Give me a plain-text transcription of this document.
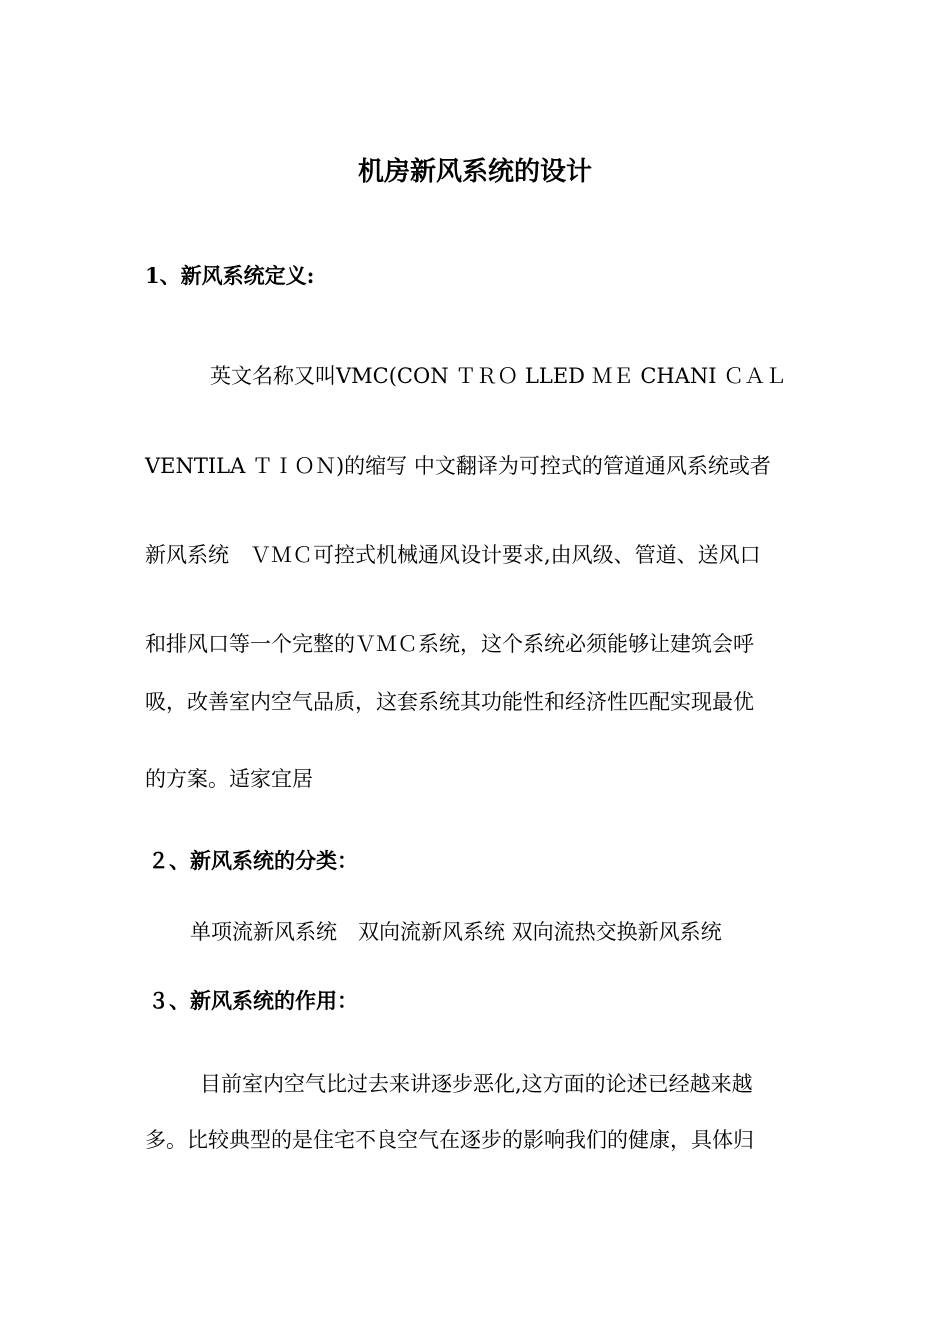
机房新风系统的设计
1、新风系统定义:
英文名称又叫VMC(CON ＴＲＯ LLED ＭＥ CHANI ＣＡＬ
VENTILA ＴＩＯＮ)的缩写 中文翻译为可控式的管道通风系统或者
新风系统　ＶＭＣ可控式机械通风设计要求,由风级、管道、送风口
和排风口等一个完整的ＶＭＣ系统，这个系统必须能够让建筑会呼
吸，改善室内空气品质，这套系统其功能性和经济性匹配实现最优
的方案。适家宜居
２、新风系统的分类：
单项流新风系统　双向流新风系统 双向流热交换新风系统
３、新风系统的作用：
目前室内空气比过去来讲逐步恶化,这方面的论述已经越来越
多。比较典型的是住宅不良空气在逐步的影响我们的健康，具体归
